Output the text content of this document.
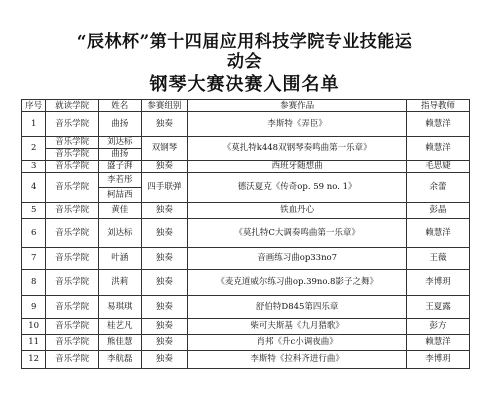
“辰林杯”第十四届应用科技学院专业技能运
动会
钢琴大赛决赛入围名单
序号	就读学院	姓名	参赛组别	参赛作品	指导教师
1	音乐学院	曲扬	独奏	李斯特《弄臣》	赖慧洋
2	音乐学院	刘达标	双钢琴	《莫扎特k448双钢琴奏鸣曲第一乐章》	赖慧洋
	音乐学院	曲扬			
3	音乐学院	盛子湃	独奏	西班牙随想曲	毛思婕
4	音乐学院	李若彤	四手联弹	德沃夏克《传奇op. 59 no. 1》	余蕾
		柯喆西			
5	音乐学院	黄佳	独奏	铁血丹心	彭晶
6	音乐学院	刘达标	独奏	《莫扎特C大调奏鸣曲第一乐章》	赖慧洋
7	音乐学院	叶涵	独奏	音画练习曲op33no7	王薇
8	音乐学院	洪莉	独奏	《麦克道威尔练习曲op.39no.8影子之舞》	李博玥
9	音乐学院	易琪琪	独奏	舒伯特D845第四乐章	王夏露
10	音乐学院	桂艺凡	独奏	柴可夫斯基《九月猎歌》	彭方
11	音乐学院	熊佳慧	独奏	肖邦《升c小调夜曲》	赖慧洋
12	音乐学院	李航磊	独奏	李斯特《拉科齐进行曲》	李博玥
